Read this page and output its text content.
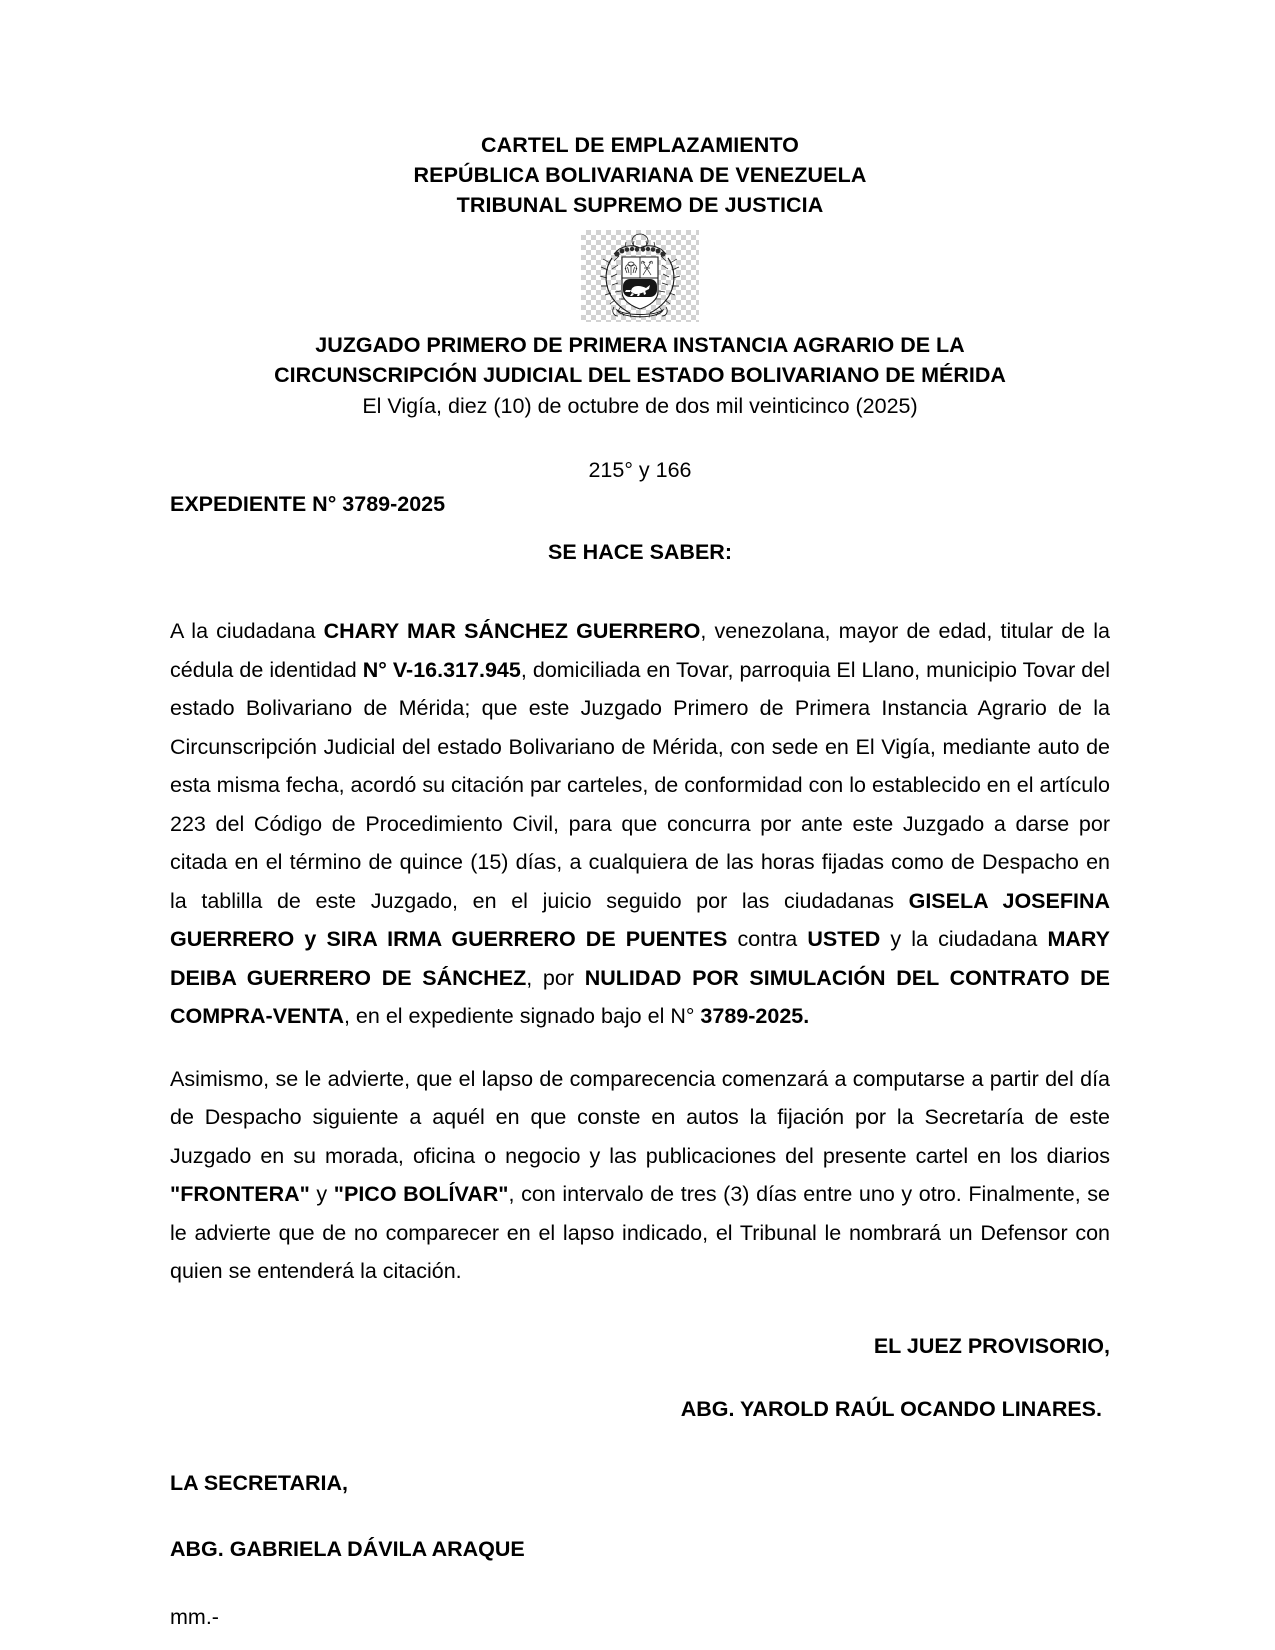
CARTEL DE EMPLAZAMIENTO
REPÚBLICA BOLIVARIANA DE VENEZUELA
TRIBUNAL SUPREMO DE JUSTICIA
JUZGADO PRIMERO DE PRIMERA INSTANCIA AGRARIO DE LA
CIRCUNSCRIPCIÓN JUDICIAL DEL ESTADO BOLIVARIANO DE MÉRIDA
El Vigía, diez (10) de octubre de dos mil veinticinco (2025)
215° y 166
EXPEDIENTE N° 3789-2025
SE HACE SABER:

A la ciudadana CHARY MAR SÁNCHEZ GUERRERO, venezolana, mayor de edad, titular de la cédula de identidad N° V-16.317.945, domiciliada en Tovar, parroquia El Llano, municipio Tovar del estado Bolivariano de Mérida; que este Juzgado Primero de Primera Instancia Agrario de la Circunscripción Judicial del estado Bolivariano de Mérida, con sede en El Vigía, mediante auto de esta misma fecha, acordó su citación par carteles, de conformidad con lo establecido en el artículo 223 del Código de Procedimiento Civil, para que concurra por ante este Juzgado a darse por citada en el término de quince (15) días, a cualquiera de las horas fijadas como de Despacho en la tablilla de este Juzgado, en el juicio seguido por las ciudadanas GISELA JOSEFINA GUERRERO y SIRA IRMA GUERRERO DE PUENTES contra USTED y la ciudadana MARY DEIBA GUERRERO DE SÁNCHEZ, por NULIDAD POR SIMULACIÓN DEL CONTRATO DE COMPRA-VENTA, en el expediente signado bajo el N° 3789-2025.

Asimismo, se le advierte, que el lapso de comparecencia comenzará a computarse a partir del día de Despacho siguiente a aquél en que conste en autos la fijación por la Secretaría de este Juzgado en su morada, oficina o negocio y las publicaciones del presente cartel en los diarios "FRONTERA" y "PICO BOLÍVAR", con intervalo de tres (3) días entre uno y otro. Finalmente, se le advierte que de no comparecer en el lapso indicado, el Tribunal le nombrará un Defensor con quien se entenderá la citación.

EL JUEZ PROVISORIO,
ABG. YAROLD RAÚL OCANDO LINARES.
LA SECRETARIA,
ABG. GABRIELA DÁVILA ARAQUE
mm.-
